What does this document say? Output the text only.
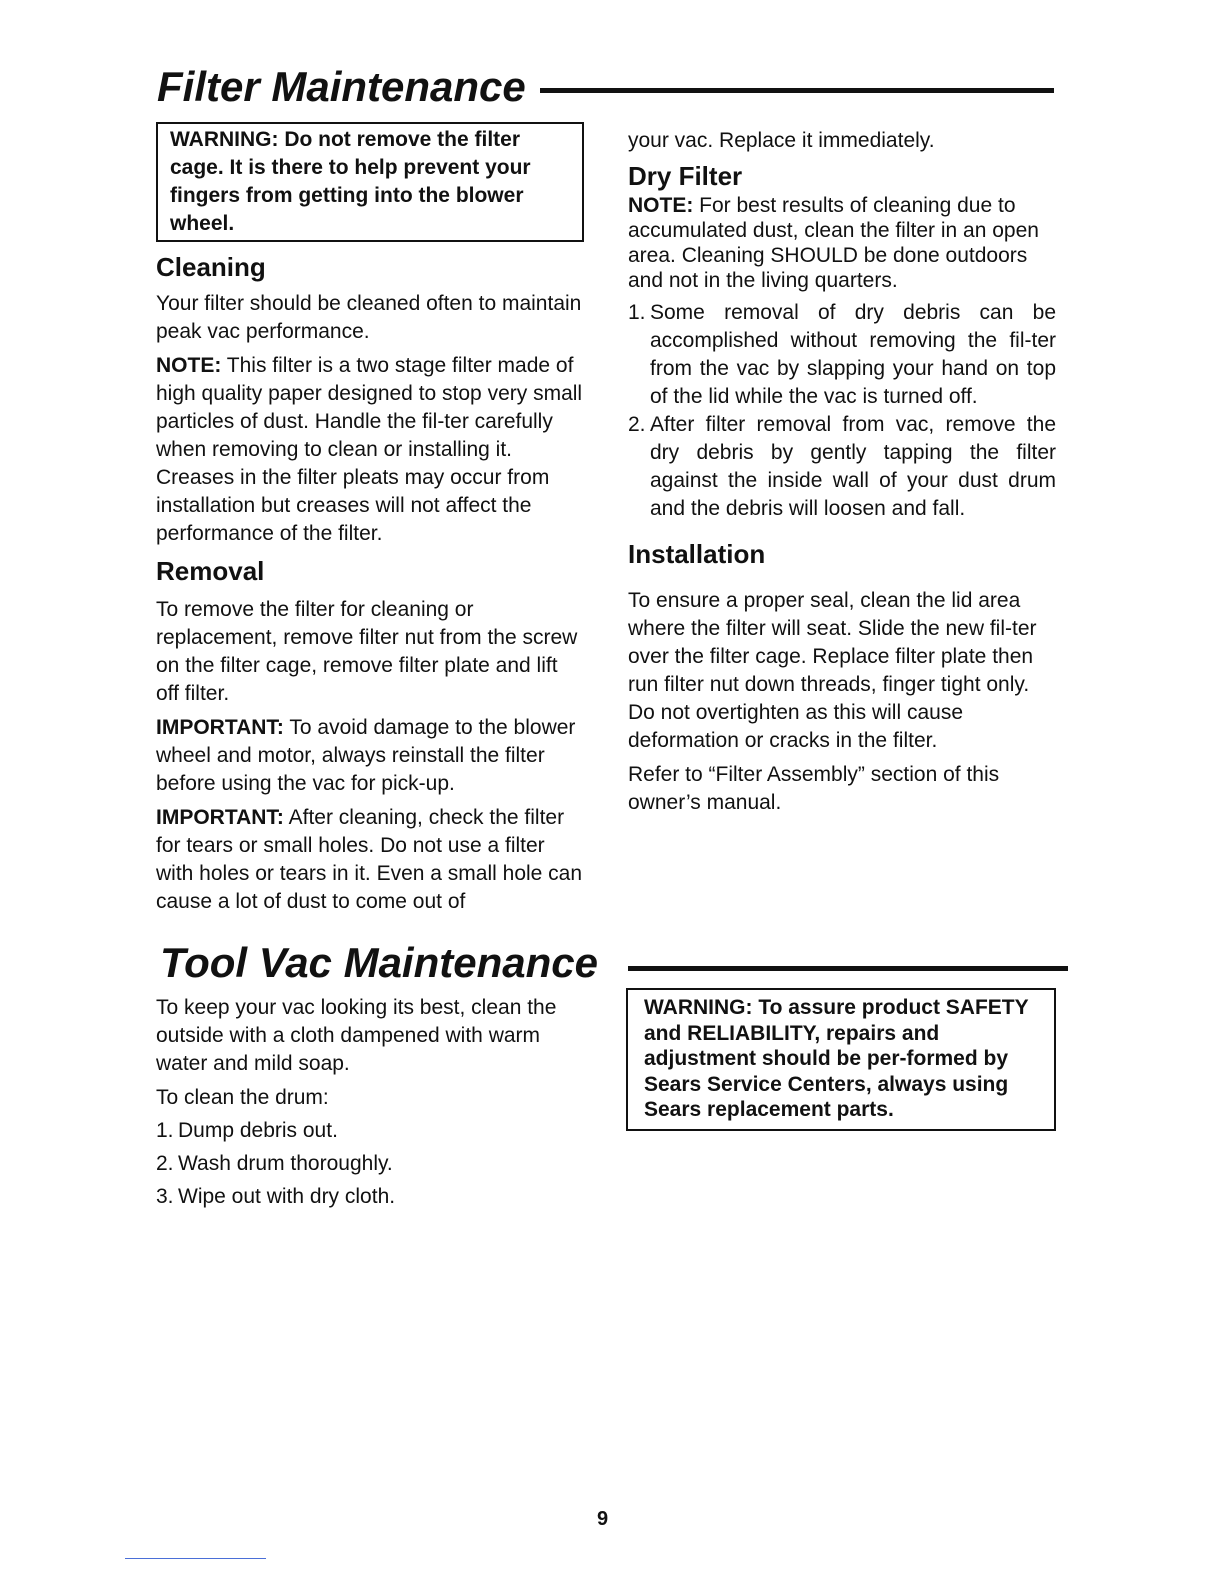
Filter Maintenance
WARNING: Do not remove the filter cage. It is there to help prevent your fingers from getting into the blower wheel.
Cleaning

Your filter should be cleaned often to maintain peak vac performance.

NOTE: This filter is a two stage filter made of high quality paper designed to stop very small particles of dust. Handle the fil-ter carefully when removing to clean or installing it. Creases in the filter pleats may occur from installation but creases will not affect the performance of the filter.

Removal

To remove the filter for cleaning or replacement, remove filter nut from the screw on the filter cage, remove filter plate and lift off filter.

IMPORTANT: To avoid damage to the blower wheel and motor, always reinstall the filter before using the vac for pick-up.

IMPORTANT: After cleaning, check the filter for tears or small holes. Do not use a filter with holes or tears in it. Even a small hole can cause a lot of dust to come out of

your vac. Replace it immediately.

Dry Filter

NOTE: For best results of cleaning due to accumulated dust, clean the filter in an open area. Cleaning SHOULD be done outdoors and not in the living quarters.

1. Some removal of dry debris can be accomplished without removing the fil-ter from the vac by slapping your hand on top of the lid while the vac is turned off.
2. After filter removal from vac, remove the dry debris by gently tapping the filter against the inside wall of your dust drum and the debris will loosen and fall.
Installation

To ensure a proper seal, clean the lid area where the filter will seat. Slide the new fil-ter over the filter cage. Replace filter plate then run filter nut down threads, finger tight only. Do not overtighten as this will cause deformation or cracks in the filter.

Refer to “Filter Assembly” section of this owner’s manual.

Tool Vac Maintenance

To keep your vac looking its best, clean the outside with a cloth dampened with warm water and mild soap.

To clean the drum:

1. Dump debris out.
2. Wash drum thoroughly.
3. Wipe out with dry cloth.
WARNING: To assure product SAFETY and RELIABILITY, repairs and adjustment should be per-formed by Sears Service Centers, always using Sears replacement parts.
9
